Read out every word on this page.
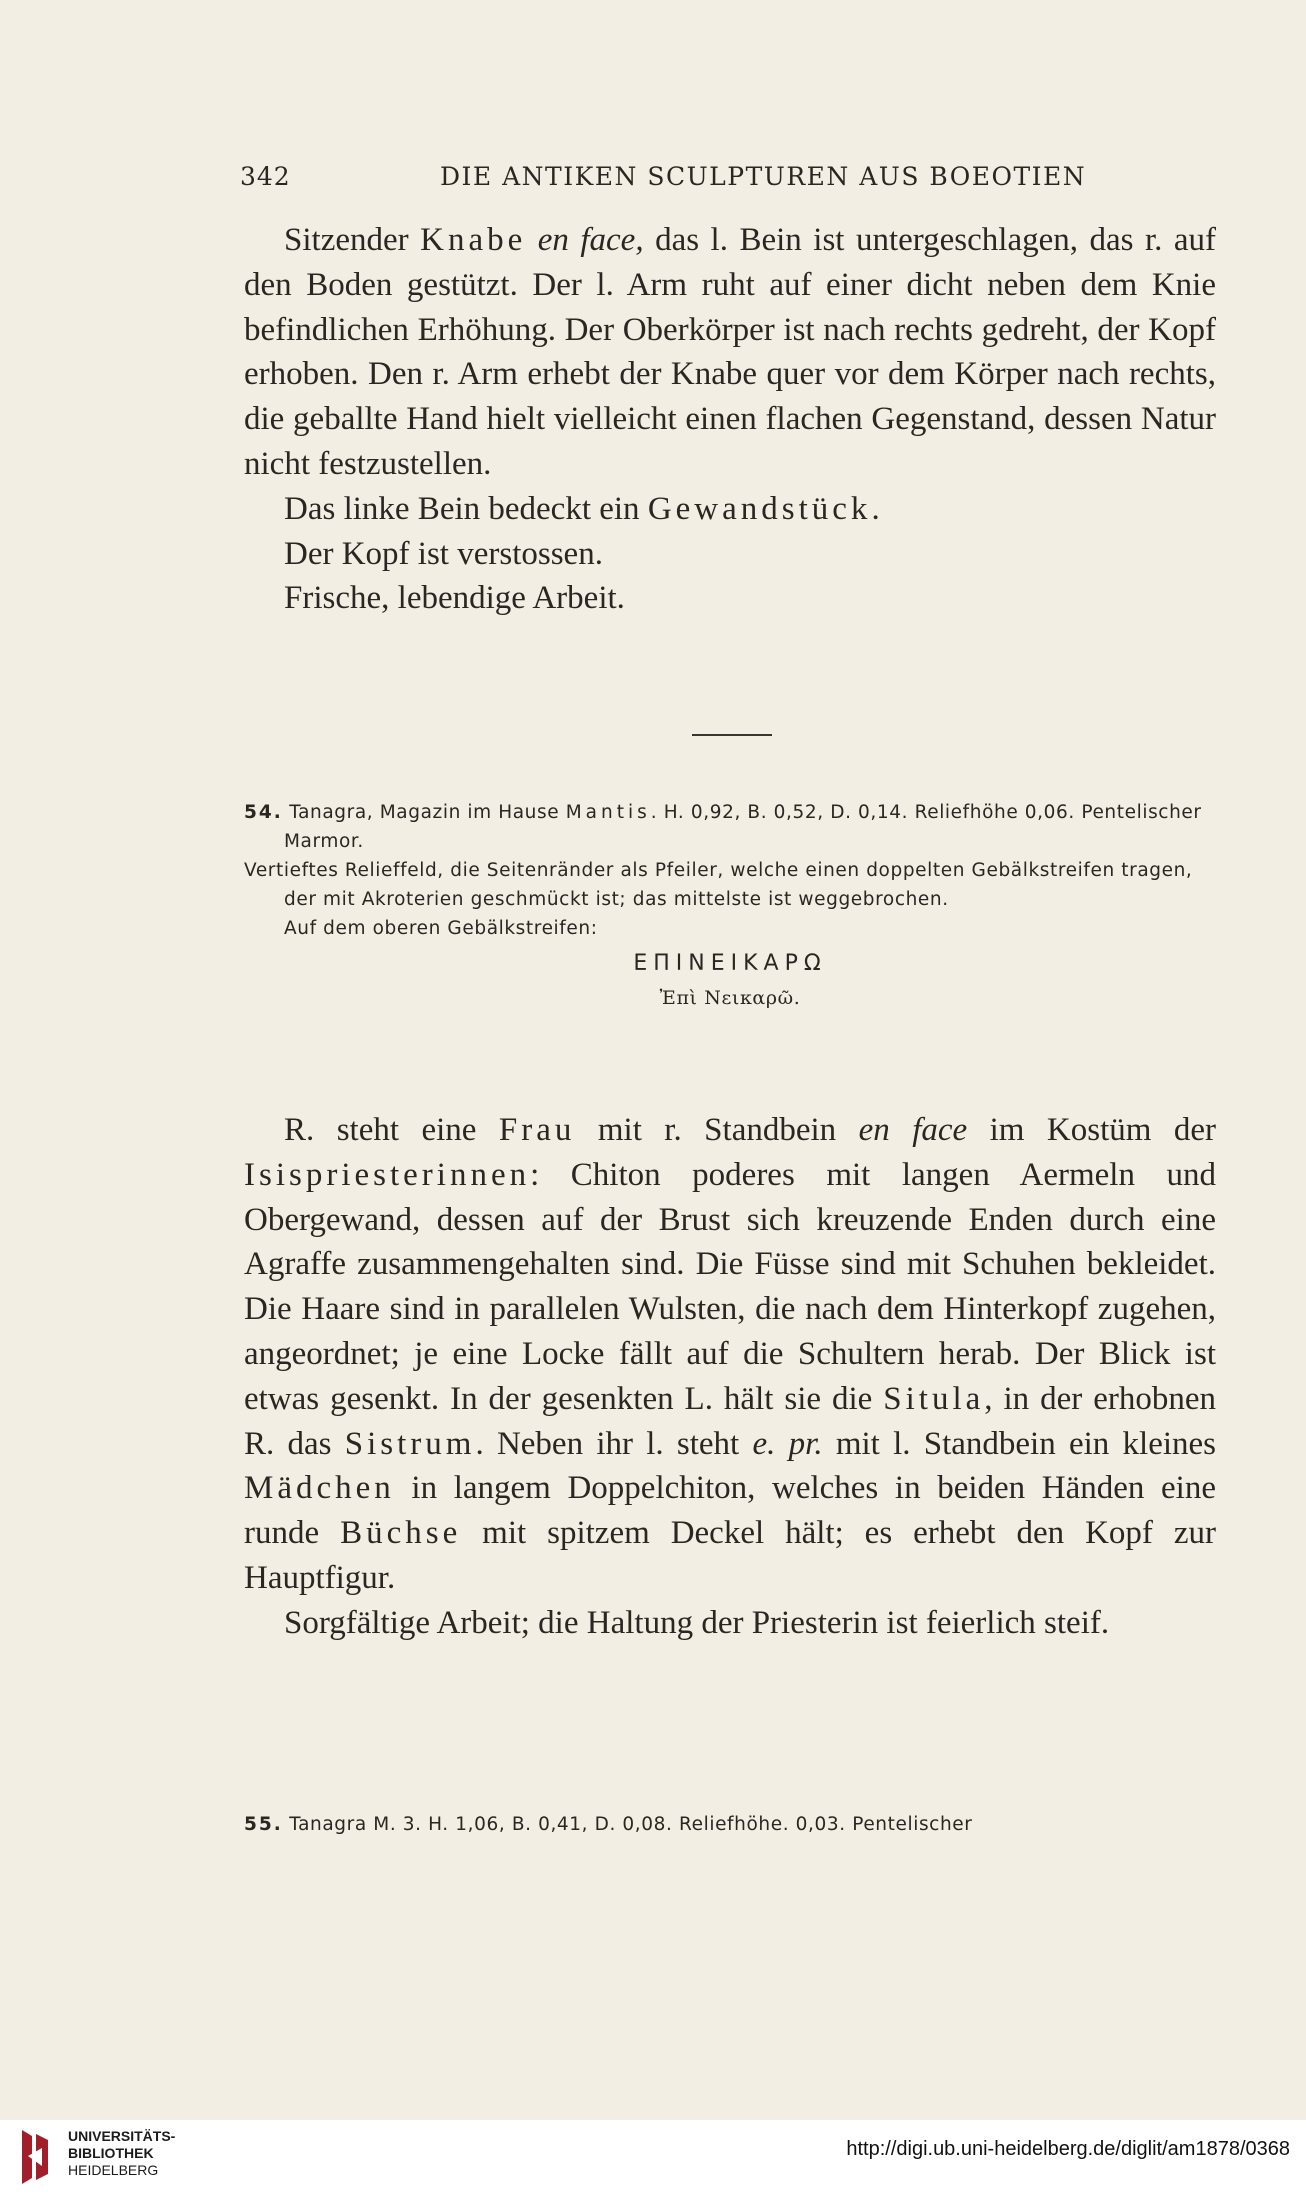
342	DIE ANTIKEN SCULPTUREN AUS BOEOTIEN

Sitzender Knabe en face, das l. Bein ist untergeschlagen, das r. auf den Boden gestützt. Der l. Arm ruht auf einer dicht neben dem Knie befindlichen Erhöhung. Der Oberkörper ist nach rechts gedreht, der Kopf erhoben. Den r. Arm erhebt der Knabe quer vor dem Körper nach rechts, die geballte Hand hielt vielleicht einen flachen Gegenstand, dessen Natur nicht festzustellen.

Das linke Bein bedeckt ein Gewandstück.

Der Kopf ist verstossen.

Frische, lebendige Arbeit.

54. Tanagra, Magazin im Hause Mantis. H. 0,92, B. 0,52, D. 0,14. Reliefhöhe 0,06. Pentelischer Marmor.

Vertieftes Relieffeld, die Seitenränder als Pfeiler, welche einen doppelten Gebälkstreifen tragen, der mit Akroterien geschmückt ist; das mittelste ist weggebrochen.

Auf dem oberen Gebälkstreifen:

ΕΠΙΝΕΙΚΑΡΩ

Ἐπὶ Νεικαρῶ.

R. steht eine Frau mit r. Standbein en face im Kostüm der Isispriesterinnen: Chiton poderes mit langen Aermeln und Obergewand, dessen auf der Brust sich kreuzende Enden durch eine Agraffe zusammengehalten sind. Die Füsse sind mit Schuhen bekleidet. Die Haare sind in parallelen Wulsten, die nach dem Hinterkopf zugehen, angeordnet; je eine Locke fällt auf die Schultern herab. Der Blick ist etwas gesenkt. In der gesenkten L. hält sie die Situla, in der erhobnen R. das Sistrum. Neben ihr l. steht e. pr. mit l. Standbein ein kleines Mädchen in langem Doppelchiton, welches in beiden Händen eine runde Büchse mit spitzem Deckel hält; es erhebt den Kopf zur Hauptfigur.

Sorgfältige Arbeit; die Haltung der Priesterin ist feierlich steif.

55. Tanagra M. 3. H. 1,06, B. 0,41, D. 0,08. Reliefhöhe. 0,03. Pentelischer

UNIVERSITÄTS-
BIBLIOTHEK
HEIDELBERG
http://digi.ub.uni-heidelberg.de/diglit/am1878/0368
